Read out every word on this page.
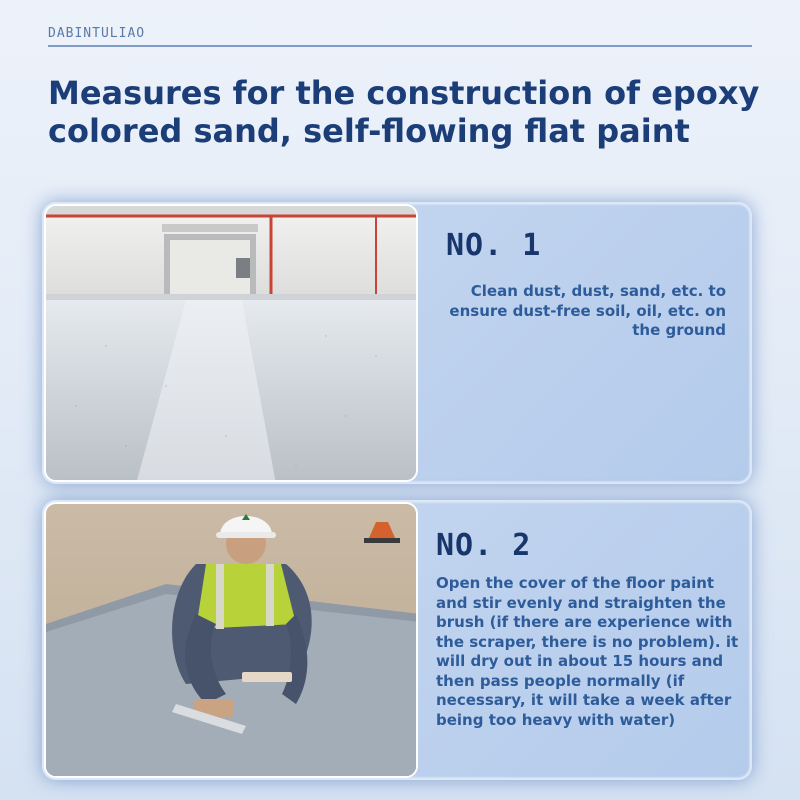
DABINTULIAO
Measures for the construction of epoxy colored sand, self-flowing flat paint
NO. 1
Clean dust, dust, sand, etc. to ensure dust-free soil, oil, etc. on the ground
NO. 2
Open the cover of the floor paint and stir evenly and straighten the brush (if there are experience with the scraper, there is no problem). it will dry out in about 15 hours and then pass people normally (if necessary, it will take a week after being too heavy with water)
